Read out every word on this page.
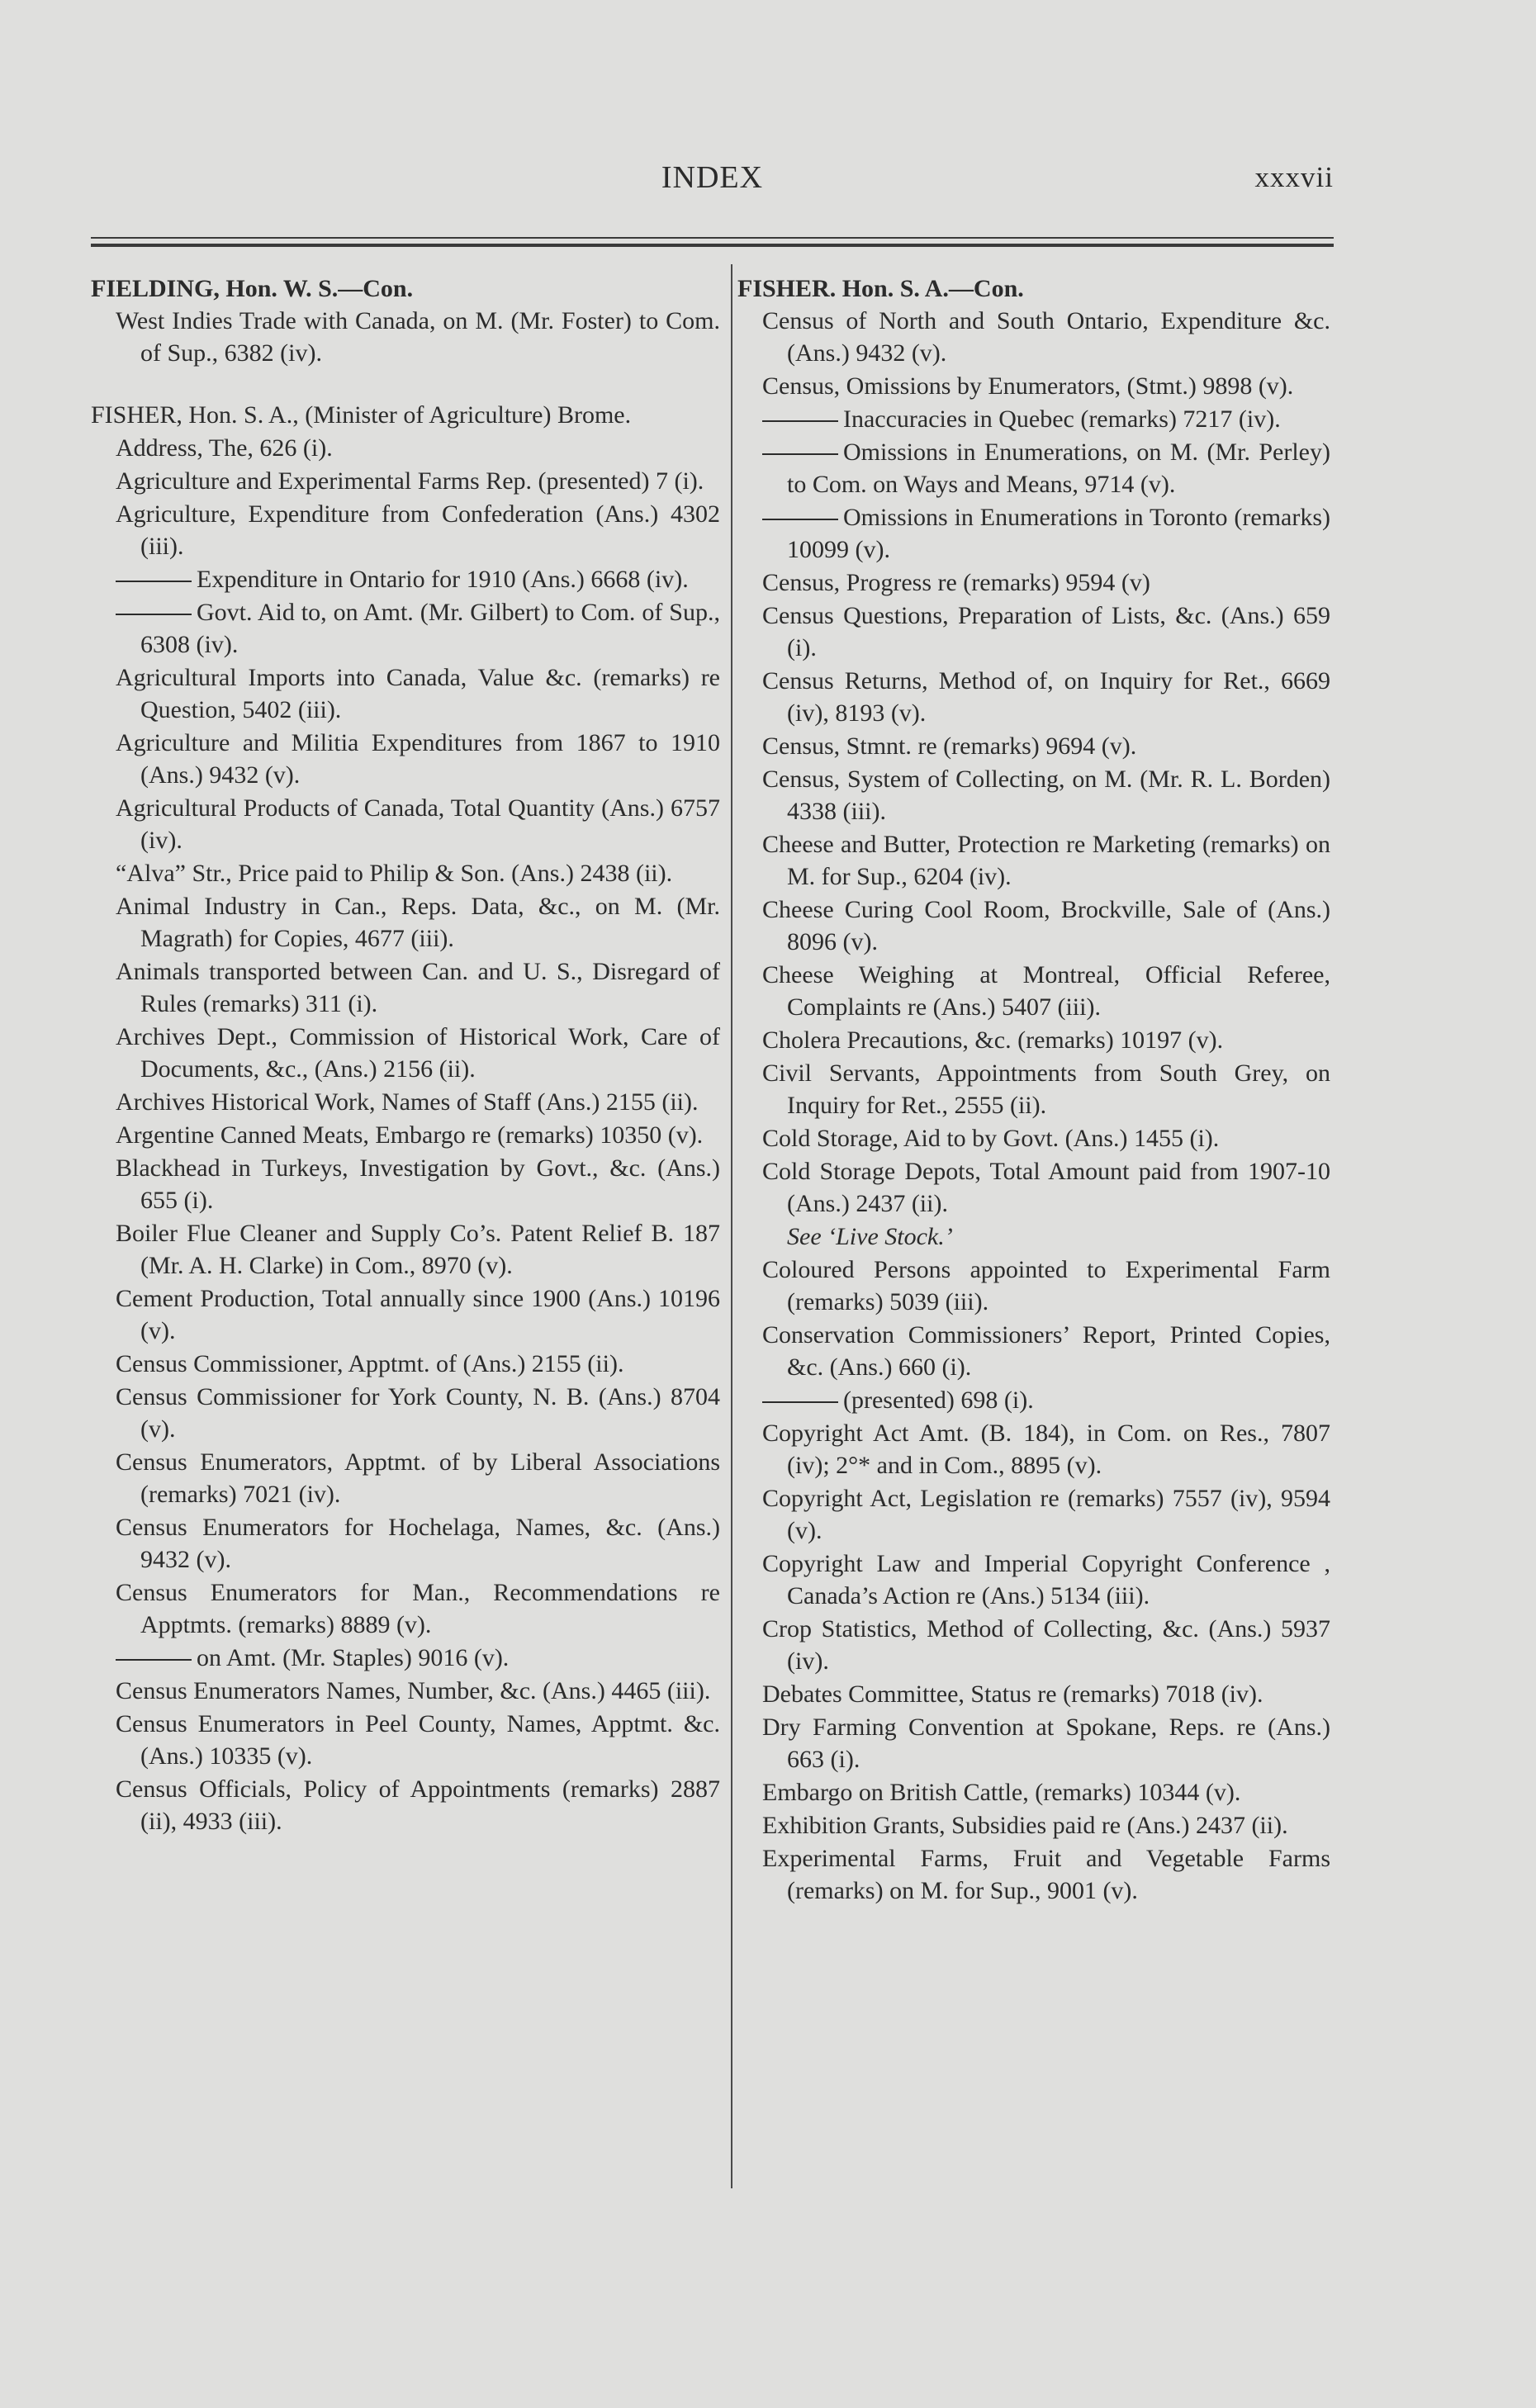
INDEX	xxxvii
FIELDING, Hon. W. S.—Con.
West Indies Trade with Canada, on M. (Mr. Foster) to Com. of Sup., 6382 (iv).
FISHER, Hon. S. A., (Minister of Agriculture) Brome.
Address, The, 626 (i).
Agriculture and Experimental Farms Rep. (presented) 7 (i).
Agriculture, Expenditure from Confederation (Ans.) 4302 (iii).
Expenditure in Ontario for 1910 (Ans.) 6668 (iv).
Govt. Aid to, on Amt. (Mr. Gilbert) to Com. of Sup., 6308 (iv).
Agricultural Imports into Canada, Value &c. (remarks) re Question, 5402 (iii).
Agriculture and Militia Expenditures from 1867 to 1910 (Ans.) 9432 (v).
Agricultural Products of Canada, Total Quantity (Ans.) 6757 (iv).
“Alva” Str., Price paid to Philip & Son. (Ans.) 2438 (ii).
Animal Industry in Can., Reps. Data, &c., on M. (Mr. Magrath) for Copies, 4677 (iii).
Animals transported between Can. and U. S., Disregard of Rules (remarks) 311 (i).
Archives Dept., Commission of Historical Work, Care of Documents, &c., (Ans.) 2156 (ii).
Archives Historical Work, Names of Staff (Ans.) 2155 (ii).
Argentine Canned Meats, Embargo re (remarks) 10350 (v).
Blackhead in Turkeys, Investigation by Govt., &c. (Ans.) 655 (i).
Boiler Flue Cleaner and Supply Co’s. Patent Relief B. 187 (Mr. A. H. Clarke) in Com., 8970 (v).
Cement Production, Total annually since 1900 (Ans.) 10196 (v).
Census Commissioner, Apptmt. of (Ans.) 2155 (ii).
Census Commissioner for York County, N. B. (Ans.) 8704 (v).
Census Enumerators, Apptmt. of by Liberal Associations (remarks) 7021 (iv).
Census Enumerators for Hochelaga, Names, &c. (Ans.) 9432 (v).
Census Enumerators for Man., Recommendations re Apptmts. (remarks) 8889 (v).
on Amt. (Mr. Staples) 9016 (v).
Census Enumerators Names, Number, &c. (Ans.) 4465 (iii).
Census Enumerators in Peel County, Names, Apptmt. &c. (Ans.) 10335 (v).
Census Officials, Policy of Appointments (remarks) 2887 (ii), 4933 (iii).
FISHER. Hon. S. A.—Con.
Census of North and South Ontario, Expenditure &c. (Ans.) 9432 (v).
Census, Omissions by Enumerators, (Stmt.) 9898 (v).
Inaccuracies in Quebec (remarks) 7217 (iv).
Omissions in Enumerations, on M. (Mr. Perley) to Com. on Ways and Means, 9714 (v).
Omissions in Enumerations in Toronto (remarks) 10099 (v).
Census, Progress re (remarks) 9594 (v)
Census Questions, Preparation of Lists, &c. (Ans.) 659 (i).
Census Returns, Method of, on Inquiry for Ret., 6669 (iv), 8193 (v).
Census, Stmnt. re (remarks) 9694 (v).
Census, System of Collecting, on M. (Mr. R. L. Borden) 4338 (iii).
Cheese and Butter, Protection re Marketing (remarks) on M. for Sup., 6204 (iv).
Cheese Curing Cool Room, Brockville, Sale of (Ans.) 8096 (v).
Cheese Weighing at Montreal, Official Referee, Complaints re (Ans.) 5407 (iii).
Cholera Precautions, &c. (remarks) 10197 (v).
Civil Servants, Appointments from South Grey, on Inquiry for Ret., 2555 (ii).
Cold Storage, Aid to by Govt. (Ans.) 1455 (i).
Cold Storage Depots, Total Amount paid from 1907-10 (Ans.) 2437 (ii).
See ‘Live Stock.’
Coloured Persons appointed to Experimental Farm (remarks) 5039 (iii).
Conservation Commissioners’ Report, Printed Copies, &c. (Ans.) 660 (i).
(presented) 698 (i).
Copyright Act Amt. (B. 184), in Com. on Res., 7807 (iv); 2°* and in Com., 8895 (v).
Copyright Act, Legislation re (remarks) 7557 (iv), 9594 (v).
Copyright Law and Imperial Copyright Conference , Canada’s Action re (Ans.) 5134 (iii).
Crop Statistics, Method of Collecting, &c. (Ans.) 5937 (iv).
Debates Committee, Status re (remarks) 7018 (iv).
Dry Farming Convention at Spokane, Reps. re (Ans.) 663 (i).
Embargo on British Cattle, (remarks) 10344 (v).
Exhibition Grants, Subsidies paid re (Ans.) 2437 (ii).
Experimental Farms, Fruit and Vegetable Farms (remarks) on M. for Sup., 9001 (v).
